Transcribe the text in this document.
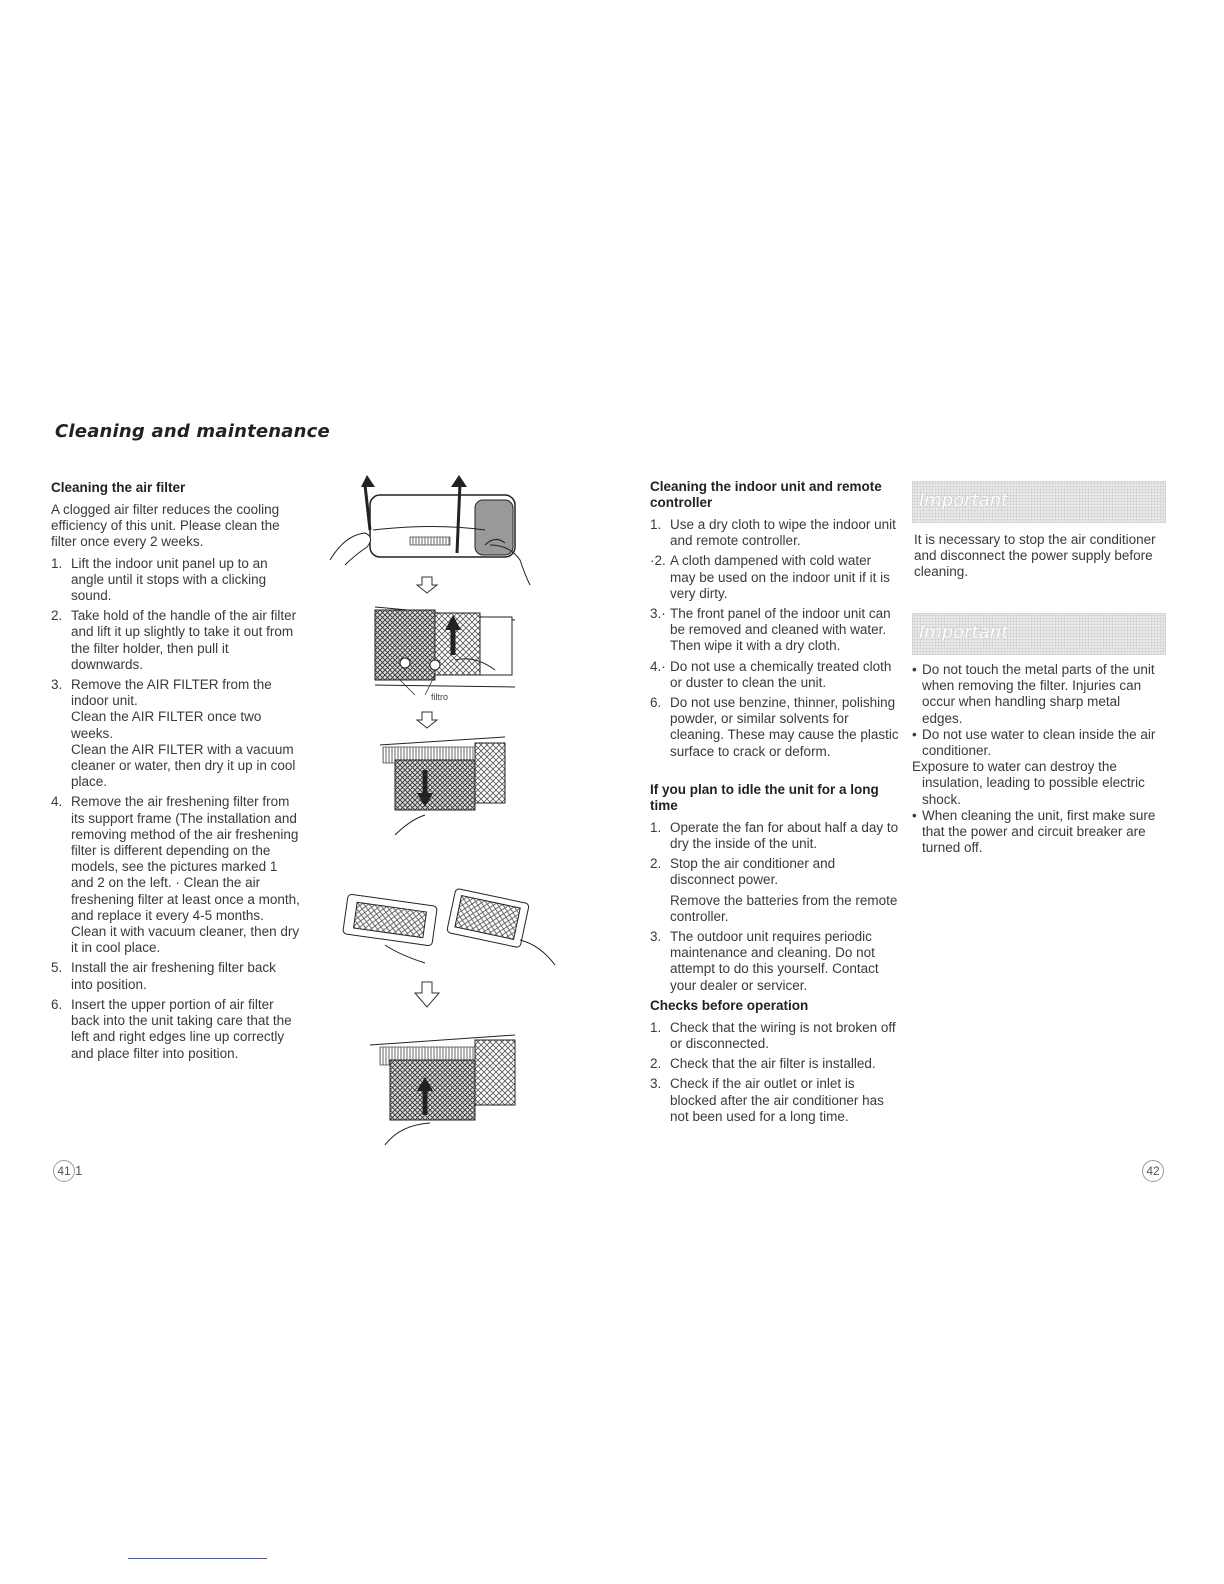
Cleaning and maintenance
Cleaning the air filter
A clogged air filter reduces the cooling efficiency of this unit. Please clean the filter once every 2 weeks.
1. Lift the indoor unit panel up to an angle until it stops with a clicking sound.
2. Take hold of the handle of the air filter and lift it up slightly to take it out from the filter holder, then pull it downwards.
3. Remove the AIR FILTER from the indoor unit.
Clean the AIR FILTER once two weeks.
Clean the AIR FILTER with a vacuum cleaner or water, then dry it up in cool place.
4. Remove the air freshening filter from its support frame (The installation and removing method of the air freshening filter is different depending on the models, see the pictures marked 1 and 2 on the left. · Clean the air freshening filter at least once a month, and replace it every 4-5 months.
Clean it with vacuum cleaner, then dry it in cool place.
5. Install the air freshening filter back into position.
6. Insert the upper portion of air filter back into the unit taking care that the left and right edges line up correctly and place filter into position.
filtro
41 1
Cleaning the indoor unit and remote controller
1. Use a dry cloth to wipe the indoor unit and remote controller.
·2. A cloth dampened with cold water may be used on the indoor unit if it is very dirty.
3.· The front panel of the indoor unit can be removed and cleaned with water. Then wipe it with a dry cloth.
4.· Do not use a chemically treated cloth or duster to clean the unit.
6. Do not use benzine, thinner, polishing powder, or similar solvents for cleaning. These may cause the plastic surface to crack or deform.
If you plan to idle the unit for a long time
1. Operate the fan for about half a day to dry the inside of the unit.
2. Stop the air conditioner and disconnect power.
Remove the batteries from the remote controller.
3. The outdoor unit requires periodic maintenance and cleaning. Do not attempt to do this yourself. Contact your dealer or servicer.
Checks before operation
1. Check that the wiring is not broken off or disconnected.
2. Check that the air filter is installed.
3. Check if the air outlet or inlet is blocked after the air conditioner has not been used for a long time.
Important
It is necessary to stop the air conditioner and disconnect the power supply before cleaning.
Important
• Do not touch the metal parts of the unit when removing the filter. Injuries can occur when handling sharp metal edges.
• Do not use water to clean inside the air conditioner.
Exposure to water can destroy the
insulation, leading to possible electric shock.
• When cleaning the unit, first make sure that the power and circuit breaker are turned off.
42
